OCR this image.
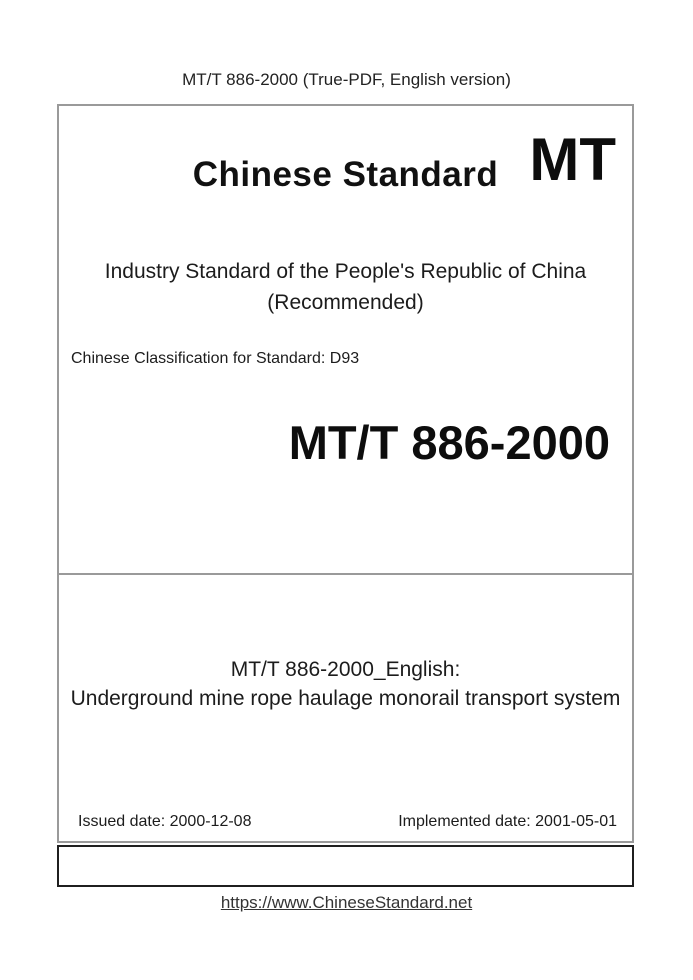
MT/T 886-2000 (True-PDF, English version)
Chinese Standard MT
Industry Standard of the People's Republic of China
(Recommended)
Chinese Classification for Standard: D93
MT/T 886-2000
MT/T 886-2000_English:
Underground mine rope haulage monorail transport system
Issued date: 2000-12-08	Implemented date: 2001-05-01
https://www.ChineseStandard.net
